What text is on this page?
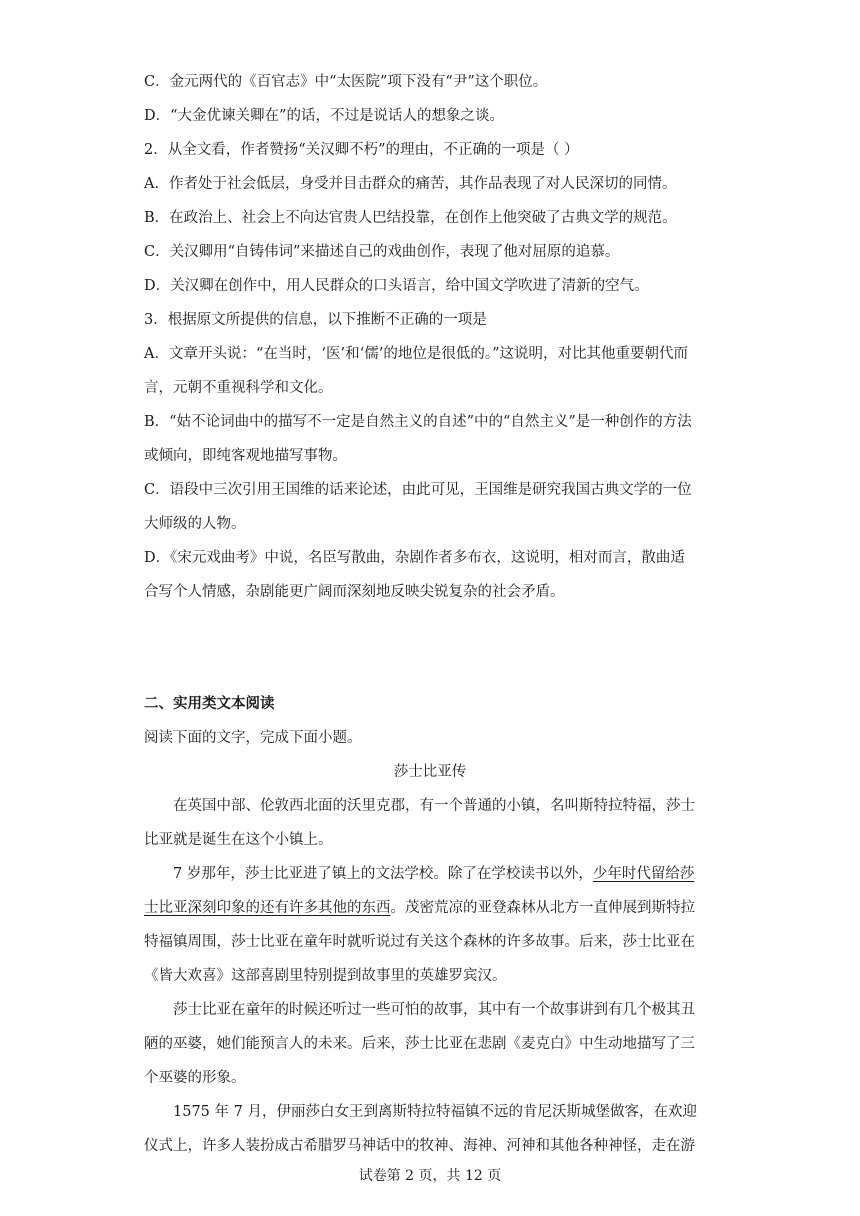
C．金元两代的《百官志》中“太医院”项下没有“尹”这个职位。
D．“大金优谏关卿在”的话，不过是说话人的想象之谈。
2．从全文看，作者赞扬“关汉卿不朽”的理由，不正确的一项是（ ）
A．作者处于社会低层，身受并目击群众的痛苦，其作品表现了对人民深切的同情。
B．在政治上、社会上不向达官贵人巴结投靠，在创作上他突破了古典文学的规范。
C．关汉卿用“自铸伟词”来描述自己的戏曲创作，表现了他对屈原的追慕。
D．关汉卿在创作中，用人民群众的口头语言，给中国文学吹进了清新的空气。
3．根据原文所提供的信息，以下推断不正确的一项是
A．文章开头说：“在当时，‘医’和‘儒’的地位是很低的。”这说明，对比其他重要朝代而
言，元朝不重视科学和文化。
B．“姑不论词曲中的描写不一定是自然主义的自述”中的“自然主义”是一种创作的方法
或倾向，即纯客观地描写事物。
C．语段中三次引用王国维的话来论述，由此可见，王国维是研究我国古典文学的一位
大师级的人物。
D．《宋元戏曲考》中说，名臣写散曲，杂剧作者多布衣，这说明，相对而言，散曲适
合写个人情感，杂剧能更广阔而深刻地反映尖锐复杂的社会矛盾。
二、实用类文本阅读
阅读下面的文字，完成下面小题。
莎士比亚传
在英国中部、伦敦西北面的沃里克郡，有一个普通的小镇，名叫斯特拉特福，莎士
比亚就是诞生在这个小镇上。
7 岁那年，莎士比亚进了镇上的文法学校。除了在学校读书以外，少年时代留给莎
士比亚深刻印象的还有许多其他的东西。茂密荒凉的亚登森林从北方一直伸展到斯特拉
特福镇周围，莎士比亚在童年时就听说过有关这个森林的许多故事。后来，莎士比亚在
《皆大欢喜》这部喜剧里特别提到故事里的英雄罗宾汉。
莎士比亚在童年的时候还听过一些可怕的故事，其中有一个故事讲到有几个极其丑
陋的巫婆，她们能预言人的未来。后来，莎士比亚在悲剧《麦克白》中生动地描写了三
个巫婆的形象。
1575 年 7 月，伊丽莎白女王到离斯特拉特福镇不远的肯尼沃斯城堡做客，在欢迎
仪式上，许多人装扮成古希腊罗马神话中的牧神、海神、河神和其他各种神怪，走在游
试卷第 2 页，共 12 页
